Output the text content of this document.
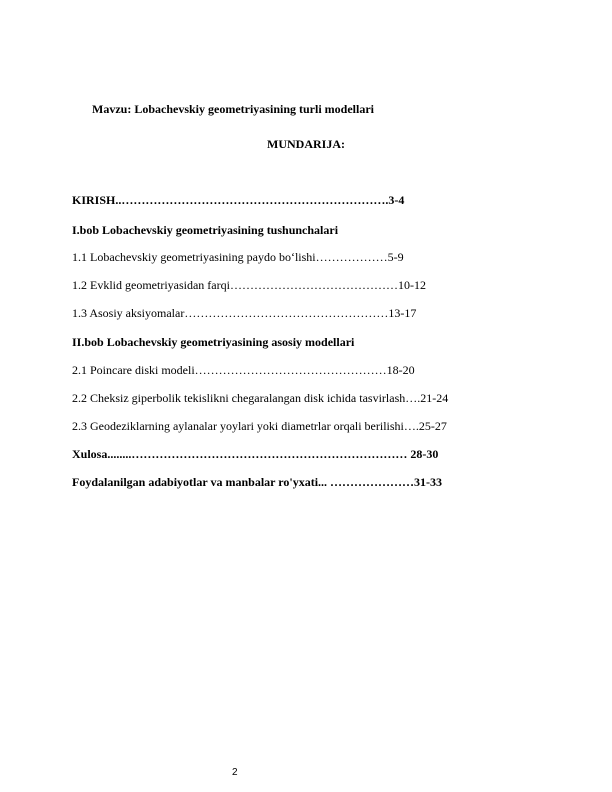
Mavzu: Lobachevskiy geometriyasining turli modellari
MUNDARIJA:
KIRISH..………………………………………………………….3-4
I.bob Lobachevskiy geometriyasining tushunchalari
1.1 Lobachevskiy geometriyasining paydo bo‘lishi………………5-9
1.2 Evklid geometriyasidan farqi……………………………………10-12
1.3 Asosiy aksiyomalar……………………………………………13-17
II.bob Lobachevskiy geometriyasining asosiy modellari
2.1 Poincare diski modeli…………………………………………18-20
2.2 Cheksiz giperbolik tekislikni chegaralangan disk ichida tasvirlash….21-24
2.3 Geodeziklarning aylanalar yoylari yoki diametrlar orqali berilishi….25-27
Xulosa........…………………………………………………………… 28-30
Foydalanilgan adabiyotlar va manbalar ro'yxati... …………………31-33
2
